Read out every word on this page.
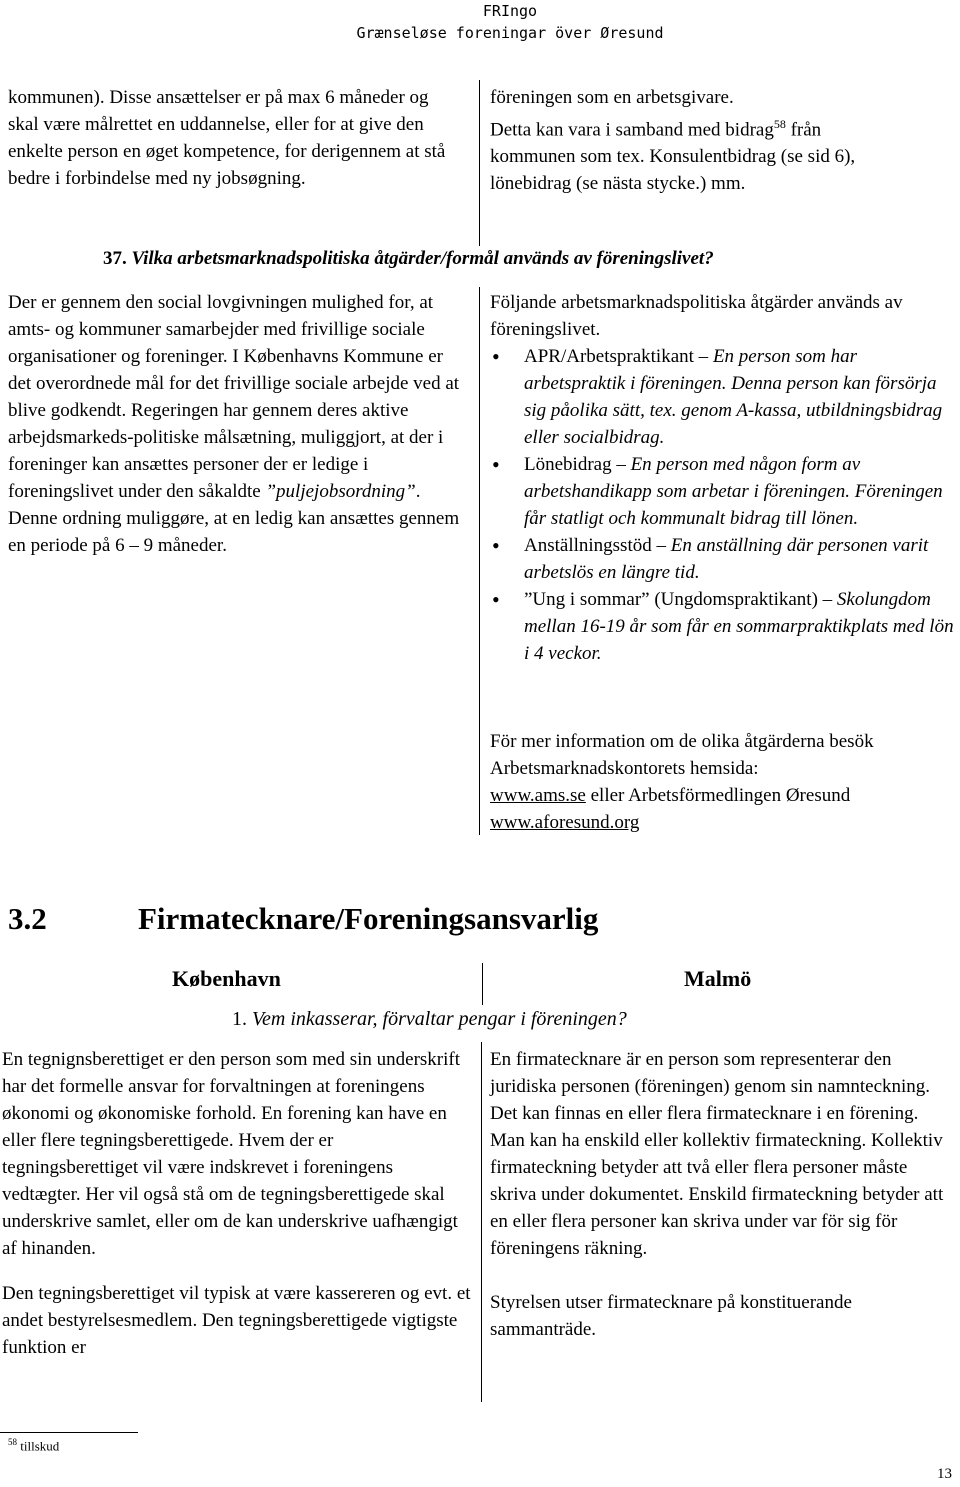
FRIngo
Grænseløse foreningar över Øresund
kommunen). Disse ansættelser er på max 6 måneder og skal være målrettet en uddannelse, eller for at give den enkelte person en øget kompetence, for derigennem at stå bedre i forbindelse med ny jobsøgning.
föreningen som en arbetsgivare.
Detta kan vara i samband med bidrag$^{58}$ från
kommunen som tex. Konsulentbidrag (se sid 6),
lönebidrag (se nästa stycke.) mm.
37. Vilka arbetsmarknadspolitiska åtgärder/formål används av föreningslivet?
Der er gennem den social lovgivningen mulighed for, at amts- og kommuner samarbejder med frivillige sociale organisationer og foreninger. I Københavns Kommune er det overordnede mål for det frivillige sociale arbejde ved at blive godkendt. Regeringen har gennem deres aktive arbejdsmarkeds-politiske målsætning, muliggjort, at der i foreninger kan ansættes personer der er ledige i foreningslivet under den såkaldte ”puljejobsordning”. Denne ordning muliggøre, at en ledig kan ansættes gennem en periode på 6 – 9 måneder.
Följande arbetsmarknadspolitiska åtgärder används av föreningslivet.
• APR/Arbetspraktikant – En person som har arbetspraktik i föreningen. Denna person kan försörja sig påolika sätt, tex. genom A-kassa, utbildningsbidrag eller socialbidrag.
• Lönebidrag – En person med någon form av arbetshandikapp som arbetar i föreningen. Föreningen får statligt och kommunalt bidrag till lönen.
• Anställningsstöd – En anställning där personen varit arbetslös en längre tid.
• ”Ung i sommar” (Ungdomspraktikant) – Skolungdom mellan 16-19 år som får en sommarpraktikplats med lön i 4 veckor.
För mer information om de olika åtgärderna besök Arbetsmarknadskontorets hemsida:
www.ams.se eller Arbetsförmedlingen Øresund
www.aforesund.org
3.2	Firmatecknare/Foreningsansvarlig
København	Malmö
1. Vem inkasserar, förvaltar pengar i föreningen?
En tegnignsberettiget er den person som med sin underskrift har det formelle ansvar for forvaltningen at foreningens økonomi og økonomiske forhold. En forening kan have en eller flere tegningsberettigede. Hvem der er tegningsberettiget vil være indskrevet i foreningens vedtægter. Her vil også stå om de tegningsberettigede skal underskrive samlet, eller om de kan underskrive uafhængigt af hinanden.
Den tegningsberettiget vil typisk at være kassereren og evt. et andet bestyrelsesmedlem. Den tegningsberettigede vigtigste funktion er
En firmatecknare är en person som representerar den juridiska personen (föreningen) genom sin namnteckning. Det kan finnas en eller flera firmatecknare i en förening.
Man kan ha enskild eller kollektiv firmateckning. Kollektiv firmateckning betyder att två eller flera personer måste skriva under dokumentet. Enskild firmateckning betyder att en eller flera personer kan skriva under var för sig för föreningens räkning.
Styrelsen utser firmatecknare på konstituerande sammanträde.
$^{58}$ tillskud
13
